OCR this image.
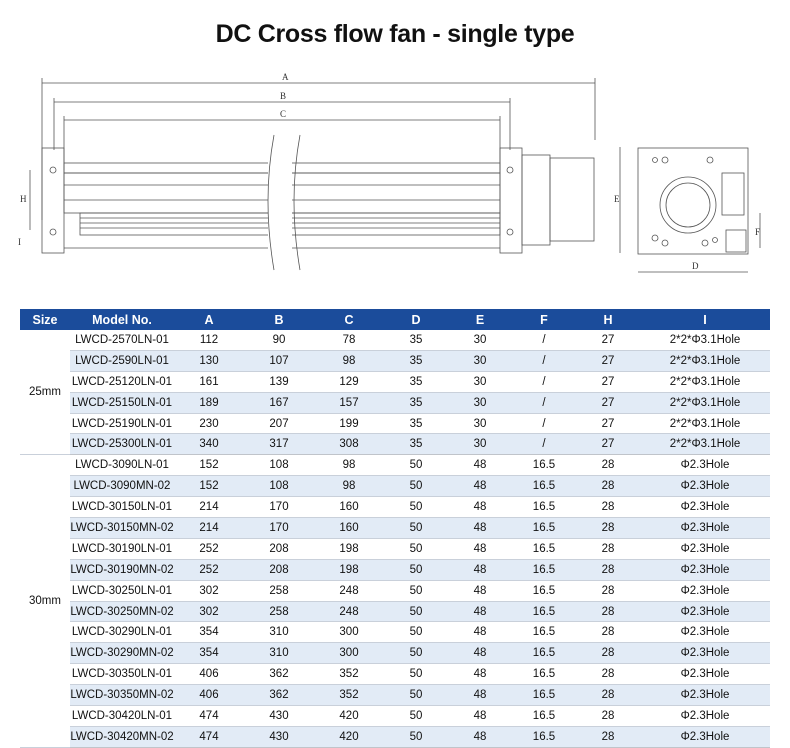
DC Cross flow fan - single type
A
B
C
H
I
E
D
F
Size	Model No.	A	B	C	D	E	F	H	I
25mm	LWCD-2570LN-01	112	90	78	35	30	/	27	2*2*Φ3.1Hole
	LWCD-2590LN-01	130	107	98	35	30	/	27	2*2*Φ3.1Hole
	LWCD-25120LN-01	161	139	129	35	30	/	27	2*2*Φ3.1Hole
	LWCD-25150LN-01	189	167	157	35	30	/	27	2*2*Φ3.1Hole
	LWCD-25190LN-01	230	207	199	35	30	/	27	2*2*Φ3.1Hole
	LWCD-25300LN-01	340	317	308	35	30	/	27	2*2*Φ3.1Hole
30mm	LWCD-3090LN-01	152	108	98	50	48	16.5	28	Φ2.3Hole
	LWCD-3090MN-02	152	108	98	50	48	16.5	28	Φ2.3Hole
	LWCD-30150LN-01	214	170	160	50	48	16.5	28	Φ2.3Hole
	LWCD-30150MN-02	214	170	160	50	48	16.5	28	Φ2.3Hole
	LWCD-30190LN-01	252	208	198	50	48	16.5	28	Φ2.3Hole
	LWCD-30190MN-02	252	208	198	50	48	16.5	28	Φ2.3Hole
	LWCD-30250LN-01	302	258	248	50	48	16.5	28	Φ2.3Hole
	LWCD-30250MN-02	302	258	248	50	48	16.5	28	Φ2.3Hole
	LWCD-30290LN-01	354	310	300	50	48	16.5	28	Φ2.3Hole
	LWCD-30290MN-02	354	310	300	50	48	16.5	28	Φ2.3Hole
	LWCD-30350LN-01	406	362	352	50	48	16.5	28	Φ2.3Hole
	LWCD-30350MN-02	406	362	352	50	48	16.5	28	Φ2.3Hole
	LWCD-30420LN-01	474	430	420	50	48	16.5	28	Φ2.3Hole
	LWCD-30420MN-02	474	430	420	50	48	16.5	28	Φ2.3Hole
